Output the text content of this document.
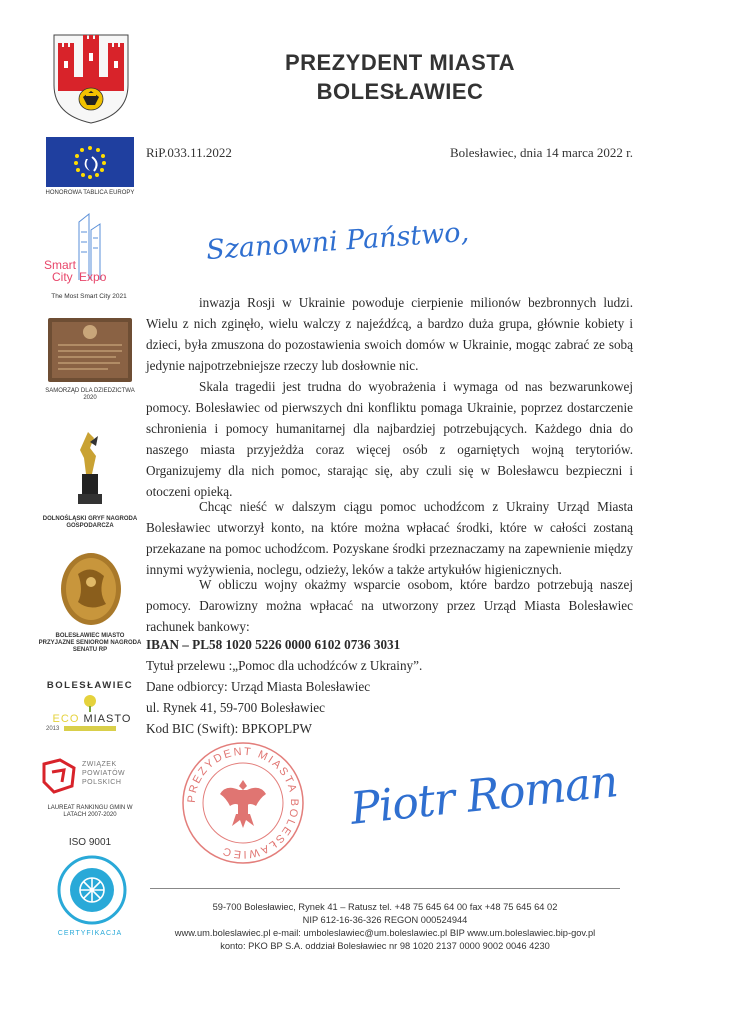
HONOROWA TABLICA EUROPY
Smart
City Expo
The Most Smart City 2021
SAMORZĄD DLA DZIEDZICTWA 2020
DOLNOŚLĄSKI GRYF NAGRODA GOSPODARCZA
BOLESŁAWIEC MIASTO PRZYJAZNE SENIOROM NAGRODA SENATU RP
BOLESŁAWIEC
ECO MIASTO
2013
ZWIĄZEK POWIATÓW POLSKICH
LAUREAT RANKINGU GMIN W LATACH 2007-2020
ISO 9001
CERTYFIKACJA
PREZYDENT MIASTA
BOLESŁAWIEC
RiP.033.11.2022	Bolesławiec, dnia 14 marca 2022 r.
Szanowni Państwo,
inwazja Rosji w Ukrainie powoduje cierpienie milionów bezbronnych ludzi. Wielu z nich zginęło, wielu walczy z najeźdźcą, a bardzo duża grupa, głównie kobiety i dzieci, była zmuszona do pozostawienia swoich domów w Ukrainie, mogąc zabrać ze sobą jedynie najpotrzebniejsze rzeczy lub dosłownie nic.
Skala tragedii jest trudna do wyobrażenia i wymaga od nas bezwarunkowej pomocy. Bolesławiec od pierwszych dni konfliktu pomaga Ukrainie, poprzez dostarczenie schronienia i pomocy humanitarnej dla najbardziej potrzebujących. Każdego dnia do naszego miasta przyjeżdża coraz więcej osób z ogarniętych wojną terytoriów. Organizujemy dla nich pomoc, starając się, aby czuli się w Bolesławcu bezpieczni i otoczeni opieką.
Chcąc nieść w dalszym ciągu pomoc uchodźcom z Ukrainy Urząd Miasta Bolesławiec utworzył konto, na które można wpłacać środki, które w całości zostaną przekazane na pomoc uchodźcom. Pozyskane środki przeznaczamy na zapewnienie między innymi wyżywienia, noclegu, odzieży, leków a także artykułów higienicznych.
W obliczu wojny okażmy wsparcie osobom, które bardzo potrzebują naszej pomocy. Darowizny można wpłacać na utworzony przez Urząd Miasta Bolesławiec rachunek bankowy:
IBAN – PL58 1020 5226 0000 6102 0736 3031
Tytuł przelewu :„Pomoc dla uchodźców z Ukrainy”.
Dane odbiorcy: Urząd Miasta Bolesławiec
ul. Rynek 41, 59-700 Bolesławiec
Kod BIC (Swift): BPKOPLPW
PREZYDENT MIASTA BOLESŁAWIEC
Piotr Roman
59-700 Bolesławiec, Rynek 41 – Ratusz tel. +48 75 645 64 00 fax +48 75 645 64 02
NIP 612-16-36-326 REGON 000524944
www.um.boleslawiec.pl e-mail: umboleslawiec@um.boleslawiec.pl BIP www.um.boleslawiec.bip-gov.pl
konto: PKO BP S.A. oddział Bolesławiec nr 98 1020 2137 0000 9002 0046 4230
